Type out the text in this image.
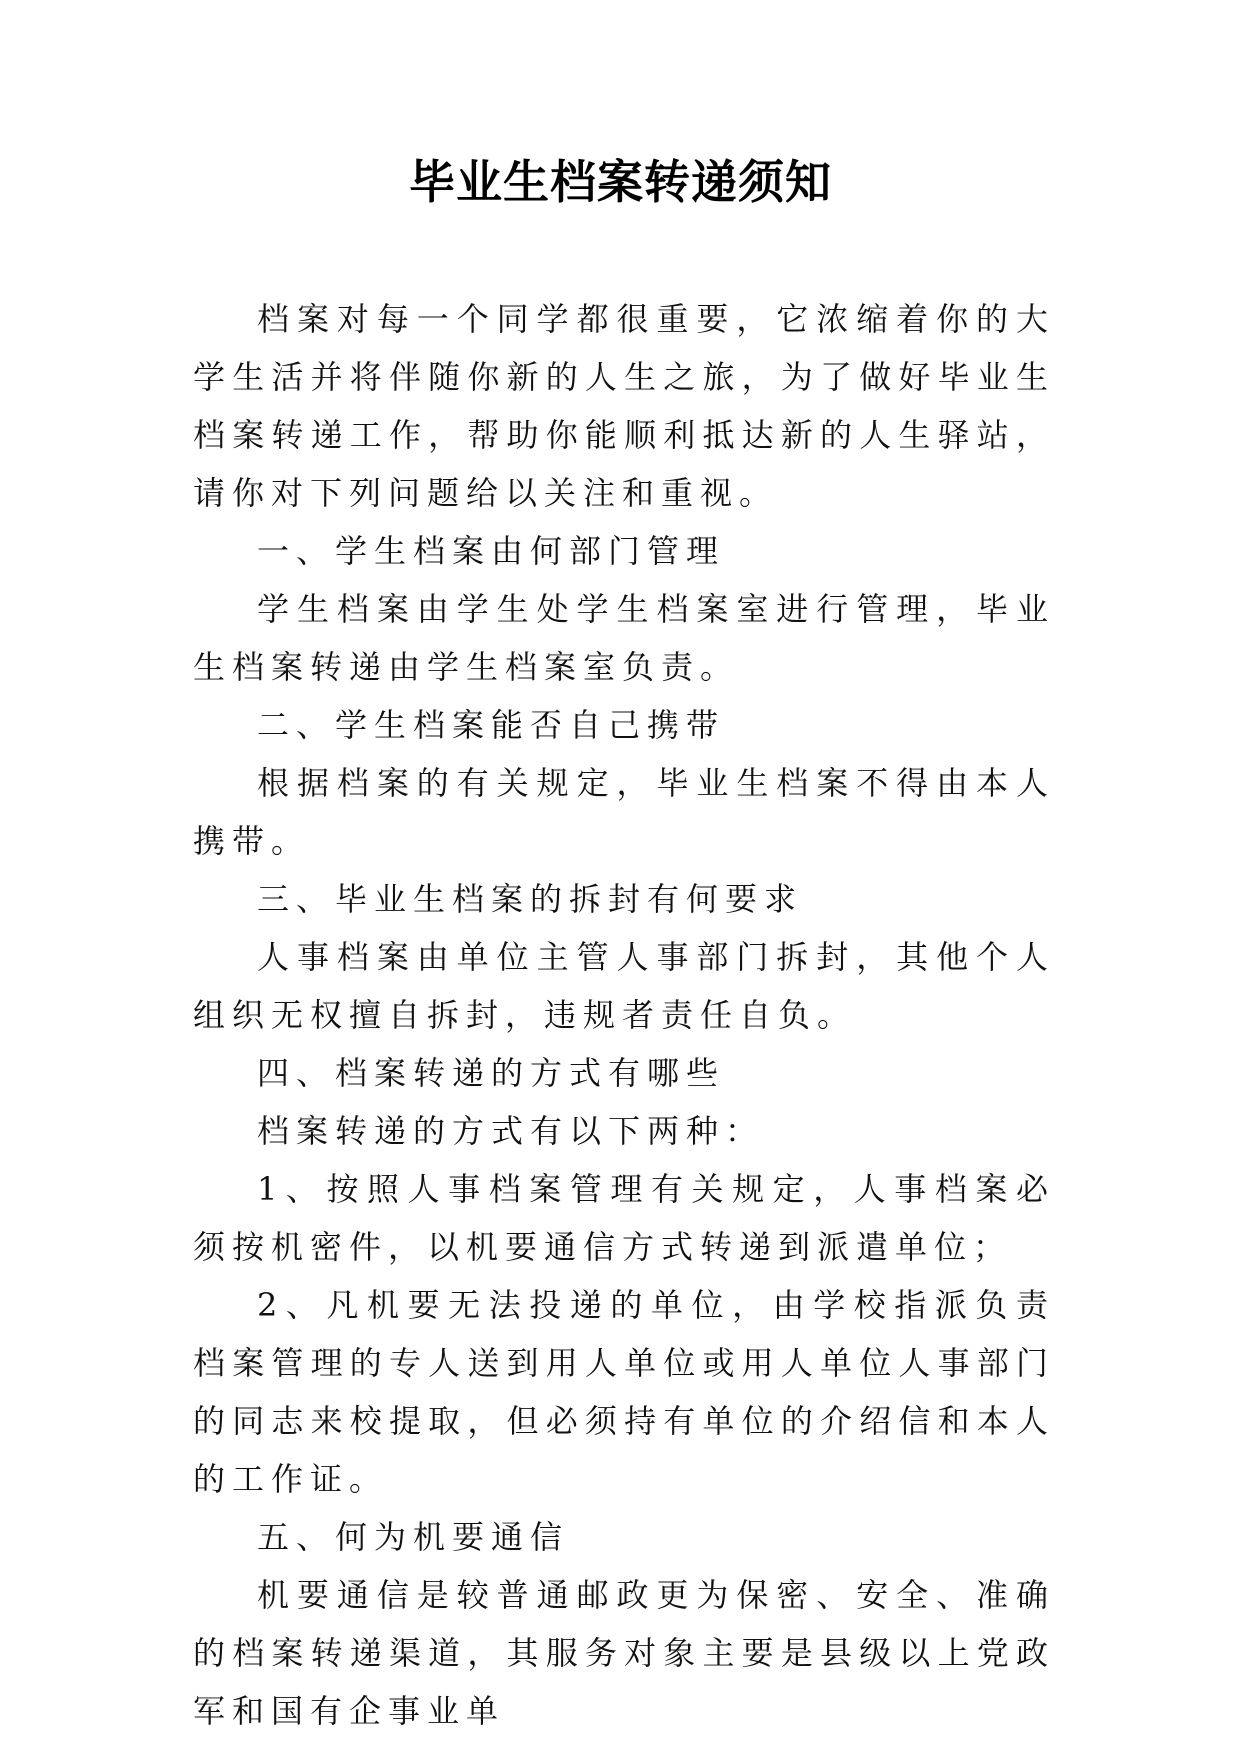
毕业生档案转递须知

档案对每一个同学都很重要，它浓缩着你的大学生活并将伴随你新的人生之旅，为了做好毕业生档案转递工作，帮助你能顺利抵达新的人生驿站，请你对下列问题给以关注和重视。

一、学生档案由何部门管理

学生档案由学生处学生档案室进行管理，毕业生档案转递由学生档案室负责。

二、学生档案能否自己携带

根据档案的有关规定，毕业生档案不得由本人携带。

三、毕业生档案的拆封有何要求

人事档案由单位主管人事部门拆封，其他个人组织无权擅自拆封，违规者责任自负。

四、档案转递的方式有哪些

档案转递的方式有以下两种：

1、按照人事档案管理有关规定，人事档案必须按机密件，以机要通信方式转递到派遣单位；

2、凡机要无法投递的单位，由学校指派负责档案管理的专人送到用人单位或用人单位人事部门的同志来校提取，但必须持有单位的介绍信和本人的工作证。

五、何为机要通信

机要通信是较普通邮政更为保密、安全、准确的档案转递渠道，其服务对象主要是县级以上党政军和国有企事业单
